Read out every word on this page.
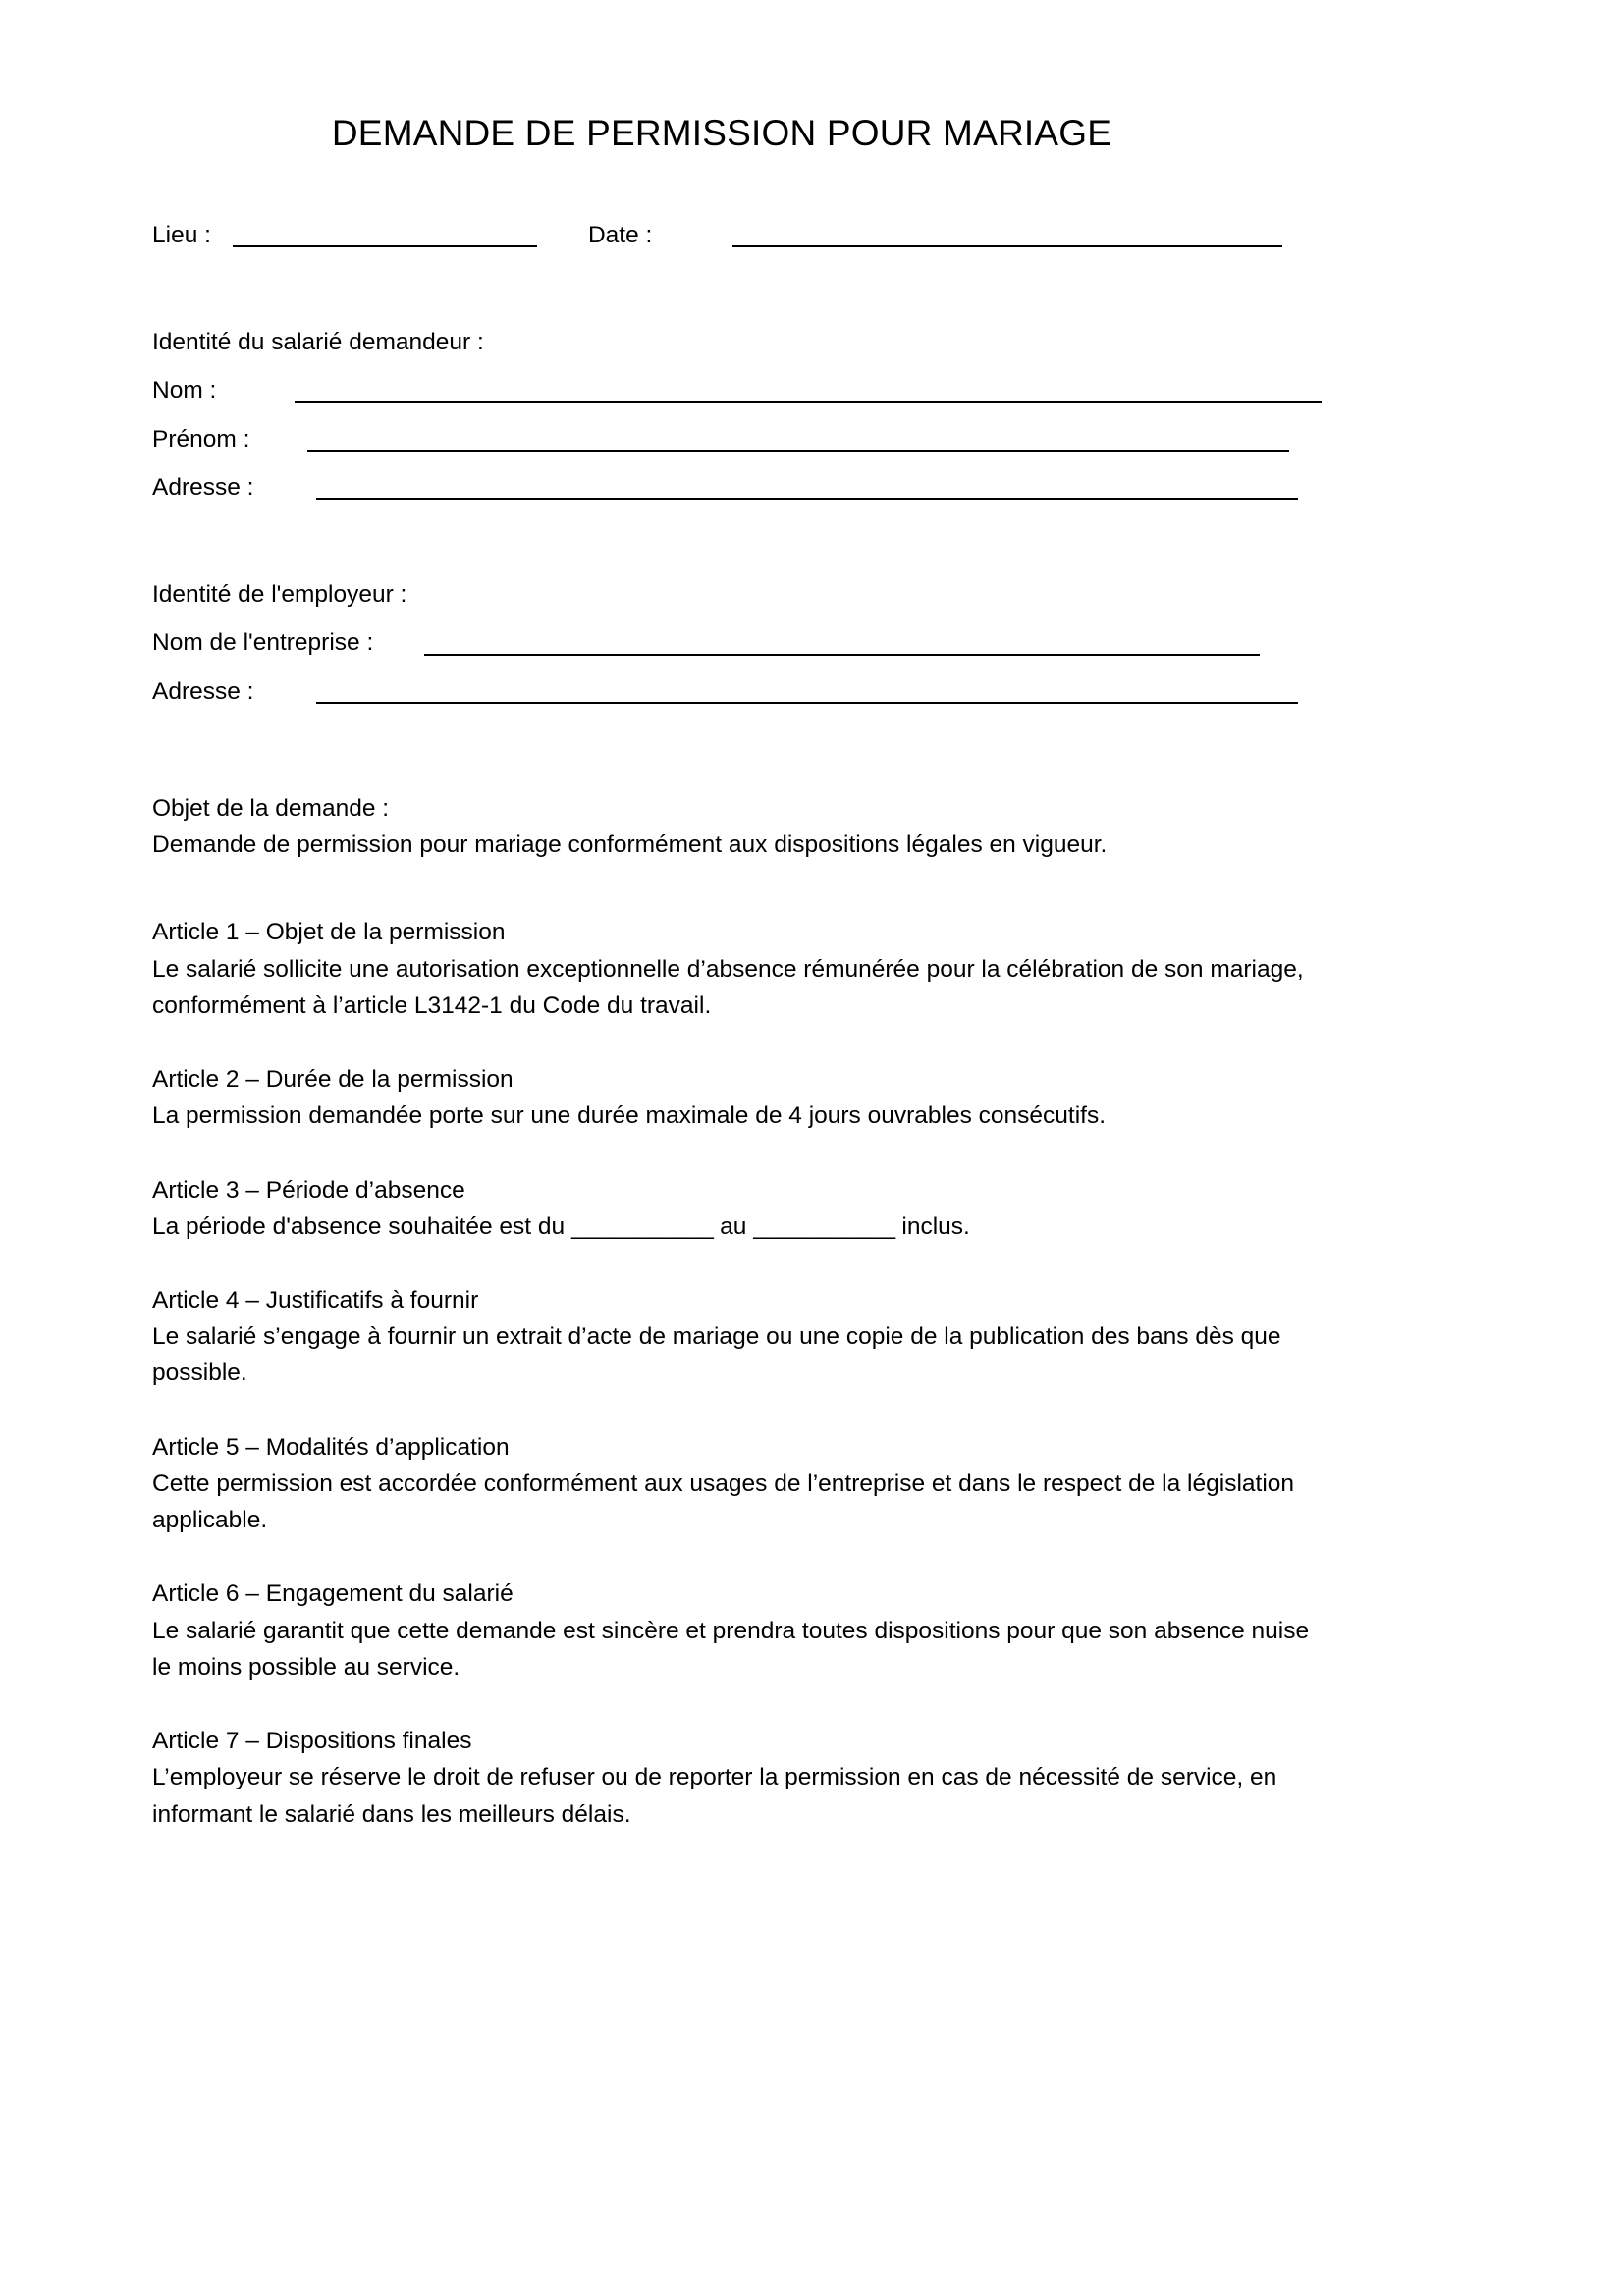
DEMANDE DE PERMISSION POUR MARIAGE
Lieu :	Date :

Identité du salarié demandeur :

Nom :
Prénom :
Adresse :

Identité de l'employeur :

Nom de l'entreprise :
Adresse :

Objet de la demande :

Demande de permission pour mariage conformément aux dispositions légales en vigueur.

Article 1 – Objet de la permission

Le salarié sollicite une autorisation exceptionnelle d’absence rémunérée pour la célébration de son mariage, conformément à l’article L3142-1 du Code du travail.

Article 2 – Durée de la permission

La permission demandée porte sur une durée maximale de 4 jours ouvrables consécutifs.

Article 3 – Période d’absence

La période d'absence souhaitée est du ___________ au ___________ inclus.

Article 4 – Justificatifs à fournir

Le salarié s’engage à fournir un extrait d’acte de mariage ou une copie de la publication des bans dès que possible.

Article 5 – Modalités d’application

Cette permission est accordée conformément aux usages de l’entreprise et dans le respect de la législation applicable.

Article 6 – Engagement du salarié

Le salarié garantit que cette demande est sincère et prendra toutes dispositions pour que son absence nuise le moins possible au service.

Article 7 – Dispositions finales

L’employeur se réserve le droit de refuser ou de reporter la permission en cas de nécessité de service, en informant le salarié dans les meilleurs délais.
